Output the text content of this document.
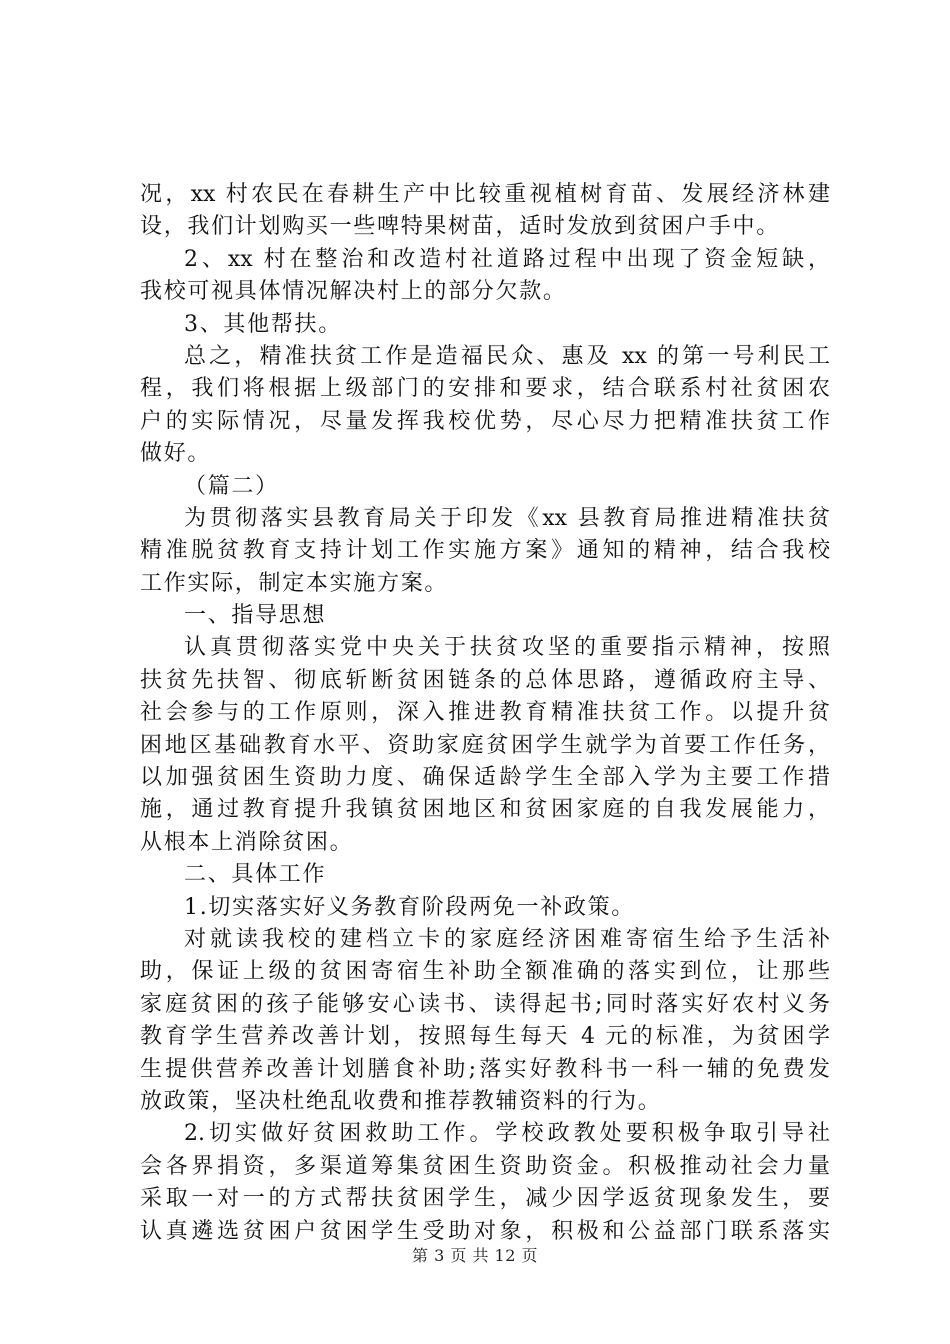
况，xx 村农民在春耕生产中比较重视植树育苗、发展经济林建
设，我们计划购买一些啤特果树苗，适时发放到贫困户手中。
2、xx 村在整治和改造村社道路过程中出现了资金短缺，
我校可视具体情况解决村上的部分欠款。
3、其他帮扶。
总之，精准扶贫工作是造福民众、惠及 xx 的第一号利民工
程，我们将根据上级部门的安排和要求，结合联系村社贫困农
户的实际情况，尽量发挥我校优势，尽心尽力把精准扶贫工作
做好。
（篇二）
为贯彻落实县教育局关于印发《xx 县教育局推进精准扶贫
精准脱贫教育支持计划工作实施方案》通知的精神，结合我校
工作实际，制定本实施方案。
一、指导思想
认真贯彻落实党中央关于扶贫攻坚的重要指示精神，按照
扶贫先扶智、彻底斩断贫困链条的总体思路，遵循政府主导、
社会参与的工作原则，深入推进教育精准扶贫工作。以提升贫
困地区基础教育水平、资助家庭贫困学生就学为首要工作任务，
以加强贫困生资助力度、确保适龄学生全部入学为主要工作措
施，通过教育提升我镇贫困地区和贫困家庭的自我发展能力，
从根本上消除贫困。
二、具体工作
1.切实落实好义务教育阶段两免一补政策。
对就读我校的建档立卡的家庭经济困难寄宿生给予生活补
助，保证上级的贫困寄宿生补助全额准确的落实到位，让那些
家庭贫困的孩子能够安心读书、读得起书;同时落实好农村义务
教育学生营养改善计划，按照每生每天 4 元的标准，为贫困学
生提供营养改善计划膳食补助;落实好教科书一科一辅的免费发
放政策，坚决杜绝乱收费和推荐教辅资料的行为。
2.切实做好贫困救助工作。学校政教处要积极争取引导社
会各界捐资，多渠道筹集贫困生资助资金。积极推动社会力量
采取一对一的方式帮扶贫困学生，减少因学返贫现象发生，要
认真遴选贫困户贫困学生受助对象，积极和公益部门联系落实
第 3 页 共 12 页
